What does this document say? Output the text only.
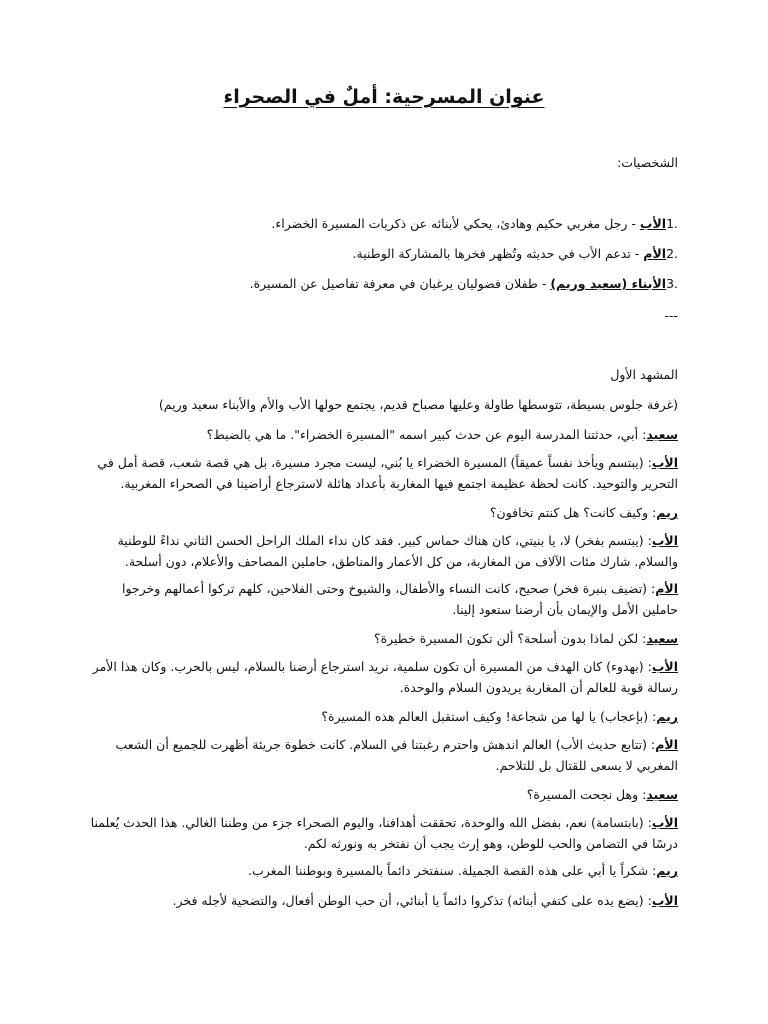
عنوان المسرحية: أملٌ في الصحراء
الشخصيات:
1.الأب - رجل مغربي حكيم وهادئ، يحكي لأبنائه عن ذكريات المسيرة الخضراء.
2.الأم - تدعم الأب في حديثه وتُظهر فخرها بالمشاركة الوطنية.
3.الأبناء (سعيد وريم) - طفلان فضوليان يرغبان في معرفة تفاصيل عن المسيرة.
---
المشهد الأول
(غرفة جلوس بسيطة، تتوسطها طاولة وعليها مصباح قديم، يجتمع حولها الأب والأم والأبناء سعيد وريم)
سعيد: أبي، حدثتنا المدرسة اليوم عن حدث كبير اسمه "المسيرة الخضراء". ما هي بالضبط؟
الأب: (يبتسم ويأخذ نفساً عميقاً) المسيرة الخضراء يا بُني، ليست مجرد مسيرة، بل هي قصة شعب، قصة أمل في التحرير والتوحيد. كانت لحظة عظيمة اجتمع فيها المغاربة بأعداد هائلة لاسترجاع أراضينا في الصحراء المغربية.
ريم: وكيف كانت؟ هل كنتم تخافون؟
الأب: (يبتسم بفخر) لا، يا بنيتي، كان هناك حماس كبير. فقد كان نداء الملك الراحل الحسن الثاني نداءً للوطنية والسلام. شارك مئات الآلاف من المغاربة، من كل الأعمار والمناطق، حاملين المصاحف والأعلام، دون أسلحة.
الأم: (تضيف بنبرة فخر) صحيح، كانت النساء والأطفال، والشيوخ وحتى الفلاحين، كلهم تركوا أعمالهم وخرجوا حاملين الأمل والإيمان بأن أرضنا ستعود إلينا.
سعيد: لكن لماذا بدون أسلحة؟ ألن تكون المسيرة خطيرة؟
الأب: (بهدوء) كان الهدف من المسيرة أن تكون سلمية، نريد استرجاع أرضنا بالسلام، ليس بالحرب. وكان هذا الأمر رسالة قوية للعالم أن المغاربة يريدون السلام والوحدة.
ريم: (بإعجاب) يا لها من شجاعة! وكيف استقبل العالم هذه المسيرة؟
الأم: (تتابع حديث الأب) العالم اندهش واحترم رغبتنا في السلام. كانت خطوة جريئة أظهرت للجميع أن الشعب المغربي لا يسعى للقتال بل للتلاحم.
سعيد: وهل نجحت المسيرة؟
الأب: (بابتسامة) نعم، بفضل الله والوحدة، تحققت أهدافنا، واليوم الصحراء جزء من وطننا الغالي. هذا الحدث يُعلمنا درسًا في التضامن والحب للوطن، وهو إرث يجب أن نفتخر به ونورثه لكم.
ريم: شكراً يا أبي على هذه القصة الجميلة. سنفتخر دائماً بالمسيرة وبوطننا المغرب.
الأب: (يضع يده على كتفي أبنائه) تذكروا دائماً يا أبنائي، أن حب الوطن أفعال، والتضحية لأجله فخر.
